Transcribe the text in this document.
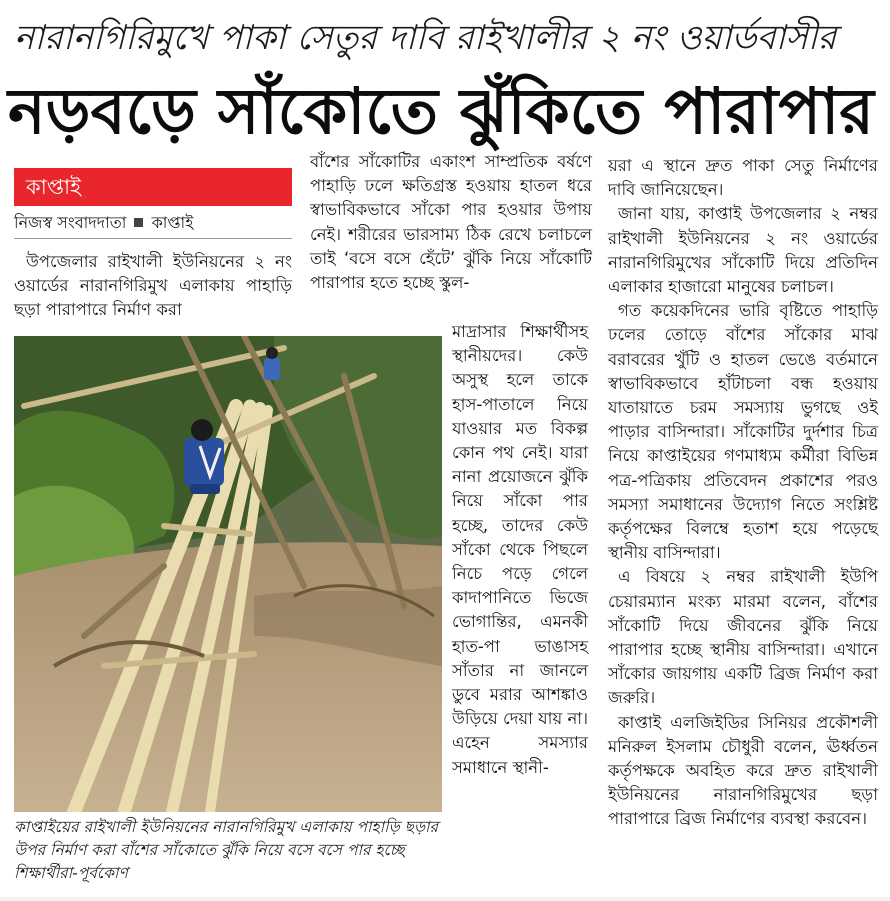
নারানগিরিমুখে পাকা সেতুর দাবি রাইখালীর ২ নং ওয়ার্ডবাসীর
নড়বড়ে সাঁকোতে ঝুঁকিতে পারাপার
কাপ্তাই
নিজস্ব সংবাদদাতা কাপ্তাই
উপজেলার রাইখালী ইউনিয়নের ২ নং ওয়ার্ডের নারানগিরিমুখ এলাকায় পাহাড়ি ছড়া পারাপারে নির্মাণ করা
কাপ্তাইয়ের রাইখালী ইউনিয়নের নারানগিরিমুখ এলাকায় পাহাড়ি ছড়ার উপর নির্মাণ করা বাঁশের সাঁকোতে ঝুঁকি নিয়ে বসে বসে পার হচ্ছে শিক্ষার্থীরা-পূর্বকোণ
বাঁশের সাঁকোটির একাংশ সাম্প্রতিক বর্ষণে পাহাড়ি ঢলে ক্ষতিগ্রস্ত হওয়ায় হাতল ধরে স্বাভাবিকভাবে সাঁকো পার হওয়ার উপায় নেই। শরীরের ভারসাম্য ঠিক রেখে চলাচলে তাই ‘বসে বসে হেঁটে’ ঝুঁকি নিয়ে সাঁকোটি পারাপার হতে হচ্ছে স্কুল-
মাদ্রাসার শিক্ষার্থীসহ স্থানীয়দের। কেউ অসুস্থ হলে তাকে হাস-পাতালে নিয়ে যাওয়ার মত বিকল্প কোন পথ নেই। যারা নানা প্রয়োজনে ঝুঁকি নিয়ে সাঁকো পার হচ্ছে, তাদের কেউ সাঁকো থেকে পিছলে নিচে পড়ে গেলে কাদাপানিতে ভিজে ভোগান্তির, এমনকী হাত-পা ভাঙাসহ সাঁতার না জানলে ডুবে মরার আশঙ্কাও উড়িয়ে দেয়া যায় না। এহেন সমস্যার সমাধানে স্থানী-

য়রা এ স্থানে দ্রুত পাকা সেতু নির্মাণের দাবি জানিয়েছেন।

জানা যায়, কাপ্তাই উপজেলার ২ নম্বর রাইখালী ইউনিয়নের ২ নং ওয়ার্ডের নারানগিরিমুখের সাঁকোটি দিয়ে প্রতিদিন এলাকার হাজারো মানুষের চলাচল।

গত কয়েকদিনের ভারি বৃষ্টিতে পাহাড়ি ঢলের তোড়ে বাঁশের সাঁকোর মাঝ বরাবরের খুঁটি ও হাতল ভেঙে বর্তমানে স্বাভাবিকভাবে হাঁটাচলা বন্ধ হওয়ায় যাতায়াতে চরম সমস্যায় ভুগছে ওই পাড়ার বাসিন্দারা। সাঁকোটির দুর্দশার চিত্র নিয়ে কাপ্তাইয়ের গণমাধ্যম কর্মীরা বিভিন্ন পত্র-পত্রিকায় প্রতিবেদন প্রকাশের পরও সমস্যা সমাধানের উদ্যোগ নিতে সংশ্লিষ্ট কর্তৃপক্ষের বিলম্বে হতাশ হয়ে পড়েছে স্থানীয় বাসিন্দারা।

এ বিষয়ে ২ নম্বর রাইখালী ইউপি চেয়ারম্যান মংক্য মারমা বলেন, বাঁশের সাঁকোটি দিয়ে জীবনের ঝুঁকি নিয়ে পারাপার হচ্ছে স্থানীয় বাসিন্দারা। এখানে সাঁকোর জায়গায় একটি ব্রিজ নির্মাণ করা জরুরি।

কাপ্তাই এলজিইডির সিনিয়র প্রকৌশলী মনিরুল ইসলাম চৌধুরী বলেন, ঊর্ধ্বতন কর্তৃপক্ষকে অবহিত করে দ্রুত রাইখালী ইউনিয়নের নারানগিরিমুখের ছড়া পারাপারে ব্রিজ নির্মাণের ব্যবস্থা করবেন।
